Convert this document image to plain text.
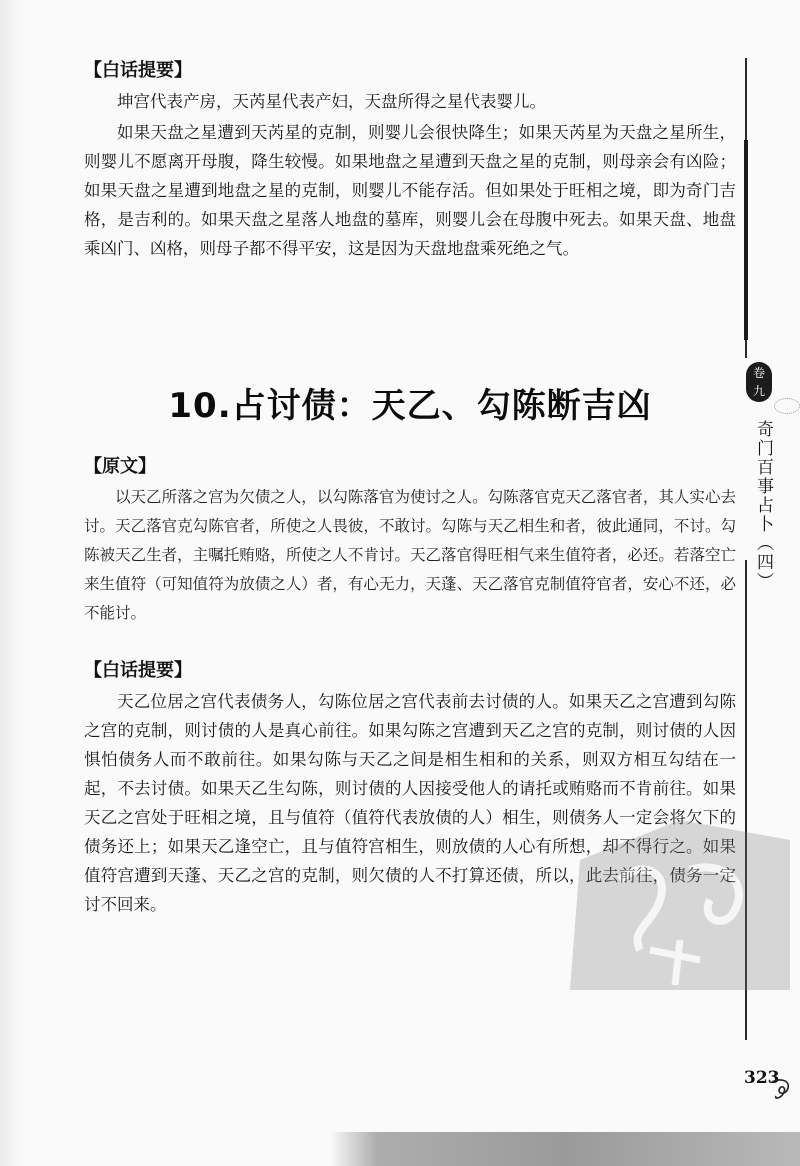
【白话提要】

坤宫代表产房，天芮星代表产妇，天盘所得之星代表婴儿。

如果天盘之星遭到天芮星的克制，则婴儿会很快降生；如果天芮星为天盘之星所生，则婴儿不愿离开母腹，降生较慢。如果地盘之星遭到天盘之星的克制，则母亲会有凶险；如果天盘之星遭到地盘之星的克制，则婴儿不能存活。但如果处于旺相之境，即为奇门吉格，是吉利的。如果天盘之星落人地盘的墓库，则婴儿会在母腹中死去。如果天盘、地盘乘凶门、凶格，则母子都不得平安，这是因为天盘地盘乘死绝之气。

10.占讨债：天乙、勾陈断吉凶

【原文】

以天乙所落之宫为欠债之人，以勾陈落官为使讨之人。勾陈落官克天乙落官者，其人实心去讨。天乙落官克勾陈官者，所使之人畏彼，不敢讨。勾陈与天乙相生和者，彼此通同，不讨。勾陈被天乙生者，主嘱托贿赂，所使之人不肯讨。天乙落官得旺相气来生值符者，必还。若落空亡来生值符（可知值符为放债之人）者，有心无力，天蓬、天乙落官克制值符官者，安心不还，必不能讨。

【白话提要】

天乙位居之宫代表债务人，勾陈位居之宫代表前去讨债的人。如果天乙之宫遭到勾陈之宫的克制，则讨债的人是真心前往。如果勾陈之宫遭到天乙之宫的克制，则讨债的人因惧怕债务人而不敢前往。如果勾陈与天乙之间是相生相和的关系，则双方相互勾结在一起，不去讨债。如果天乙生勾陈，则讨债的人因接受他人的请托或贿赂而不肯前往。如果天乙之宫处于旺相之境，且与值符（值符代表放债的人）相生，则债务人一定会将欠下的债务还上；如果天乙逢空亡，且与值符宫相生，则放债的人心有所想，却不得行之。如果值符宫遭到天蓬、天乙之宫的克制，则欠债的人不打算还债，所以，此去前往，债务一定讨不回来。

卷
九
奇门百事占卜（四）
323
